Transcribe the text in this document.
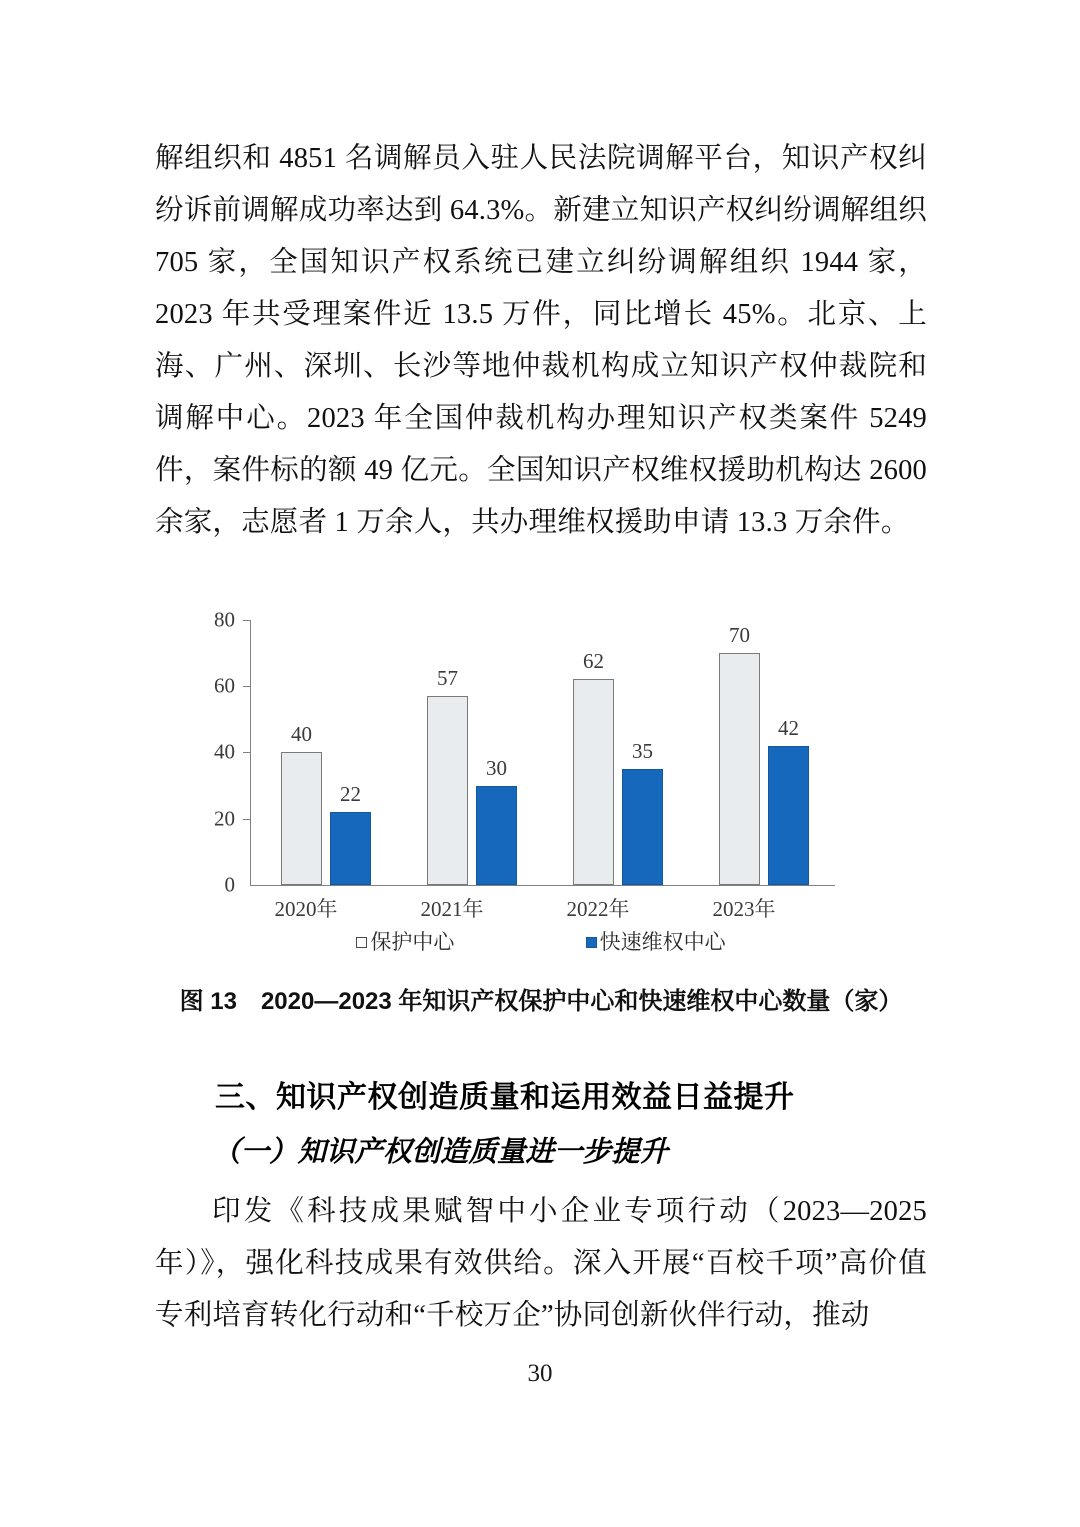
解组织和 4851 名调解员入驻人民法院调解平台，知识产权纠纷诉前调解成功率达到 64.3%。新建立知识产权纠纷调解组织 705 家，全国知识产权系统已建立纠纷调解组织 1944 家，2023 年共受理案件近 13.5 万件，同比增长 45%。北京、上海、广州、深圳、长沙等地仲裁机构成立知识产权仲裁院和调解中心。2023 年全国仲裁机构办理知识产权类案件 5249 件，案件标的额 49 亿元。全国知识产权维权援助机构达 2600 余家，志愿者 1 万余人，共办理维权援助申请 13.3 万余件。
80
60
40
20
0
40
22
2020年
57
30
2021年
62
35
2022年
70
42
2023年
保护中心	快速维权中心
图 13　2020—2023 年知识产权保护中心和快速维权中心数量（家）
三、知识产权创造质量和运用效益日益提升
（一）知识产权创造质量进一步提升
印发《科技成果赋智中小企业专项行动（2023—2025 年）》，强化科技成果有效供给。深入开展“百校千项”高价值专利培育转化行动和“千校万企”协同创新伙伴行动，推动
30
